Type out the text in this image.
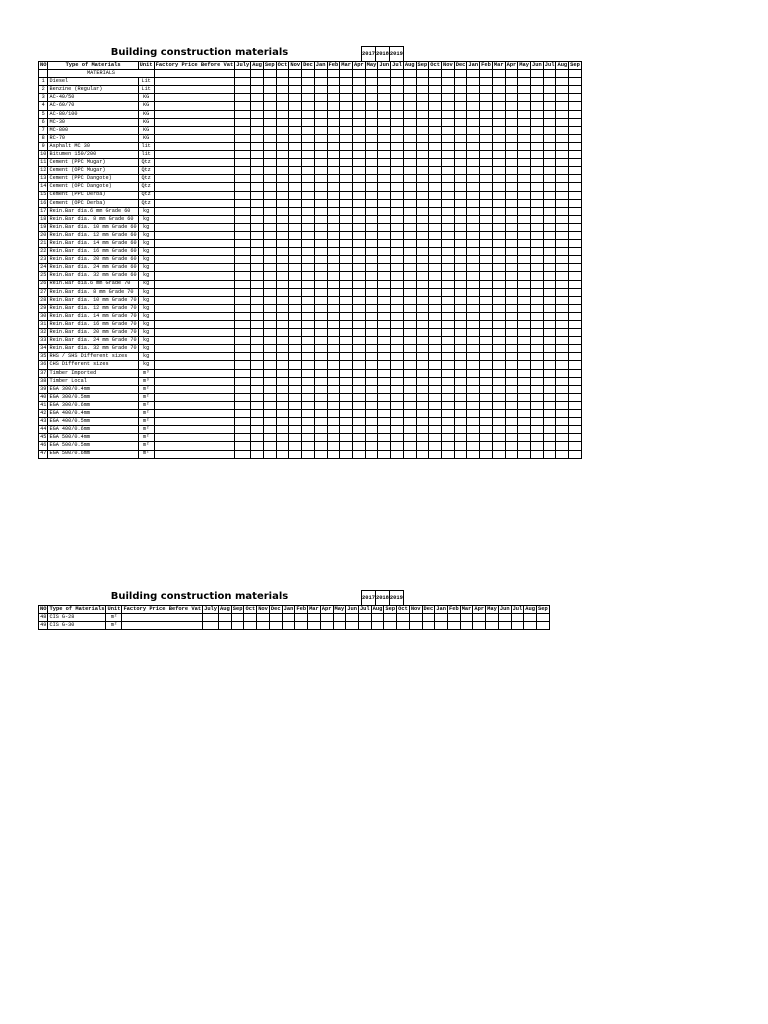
Building construction materials	2017	2018	2019
NO	Type of Materials	Unit	Factory Price Before Vat	July	Aug	Sep	Oct	Nov	Dec	Jan	Feb	Mar	Apr	May	Jun	Jul	Aug	Sep	Oct	Nov	Dec	Jan	Feb	Mar	Apr	May	Jun	Jul	Aug	Sep
	MATERIALS																													
1	Diesel	Lit																												
2	Benzine (Regular)	Lit																												
3	AC-40/50	KG																												
4	AC-60/70	KG																												
5	AC-80/100	KG																												
6	MC-30	KG																												
7	MC-800	KG																												
8	RC-70	KG																												
9	Asphalt MC 30	lit																												
10	Bitumen 150/200	lit																												
11	Cement (PPC Mugar)	Qtz																												
12	Cement (OPC Mugar)	Qtz																												
13	Cement (PPC Dangote)	Qtz																												
14	Cement (OPC Dangote)	Qtz																												
15	Cement (PPC Derba)	Qtz																												
16	Cement (OPC Derba)	Qtz																												
17	Rein.Bar dia.6 mm Grade 60	kg																												
18	Rein.Bar dia. 8 mm Grade 60	kg																												
19	Rein.Bar dia. 10 mm Grade 60	kg																												
20	Rein.Bar dia. 12 mm Grade 60	kg																												
21	Rein.Bar dia. 14 mm Grade 60	kg																												
22	Rein.Bar dia. 16 mm Grade 60	kg																												
23	Rein.Bar dia. 20 mm Grade 60	kg																												
24	Rein.Bar dia. 24 mm Grade 60	kg																												
25	Rein.Bar dia. 32 mm Grade 60	kg																												
26	Rein.Bar dia.6 mm Grade 70	kg																												
27	Rein.Bar dia. 8 mm Grade 70	kg																												
28	Rein.Bar dia. 10 mm Grade 70	kg																												
29	Rein.Bar dia. 12 mm Grade 70	kg																												
30	Rein.Bar dia. 14 mm Grade 70	kg																												
31	Rein.Bar dia. 16 mm Grade 70	kg																												
32	Rein.Bar dia. 20 mm Grade 70	kg																												
33	Rein.Bar dia. 24 mm Grade 70	kg																												
34	Rein.Bar dia. 32 mm Grade 70	kg																												
35	RHS / SHS Different sizes	kg																												
36	CHS Different sizes	kg																												
37	Timber Imported	m³																												
38	Timber Local	m³																												
39	EGA 300/0.4mm	m²																												
40	EGA 300/0.5mm	m²																												
41	EGA 300/0.6mm	m²																												
42	EGA 400/0.4mm	m²																												
43	EGA 400/0.5mm	m²																												
44	EGA 400/0.6mm	m²																												
45	EGA 500/0.4mm	m²																												
46	EGA 500/0.5mm	m²																												
47	EGA 500/0.6mm	m²																												
Building construction materials	2017	2018	2019
NO	Type of Materials	Unit	Factory Price Before Vat	July	Aug	Sep	Oct	Nov	Dec	Jan	Feb	Mar	Apr	May	Jun	Jul	Aug	Sep	Oct	Nov	Dec	Jan	Feb	Mar	Apr	May	Jun	Jul	Aug	Sep
48	CIS G-28	m²																												
49	CIS G-30	m²																												
